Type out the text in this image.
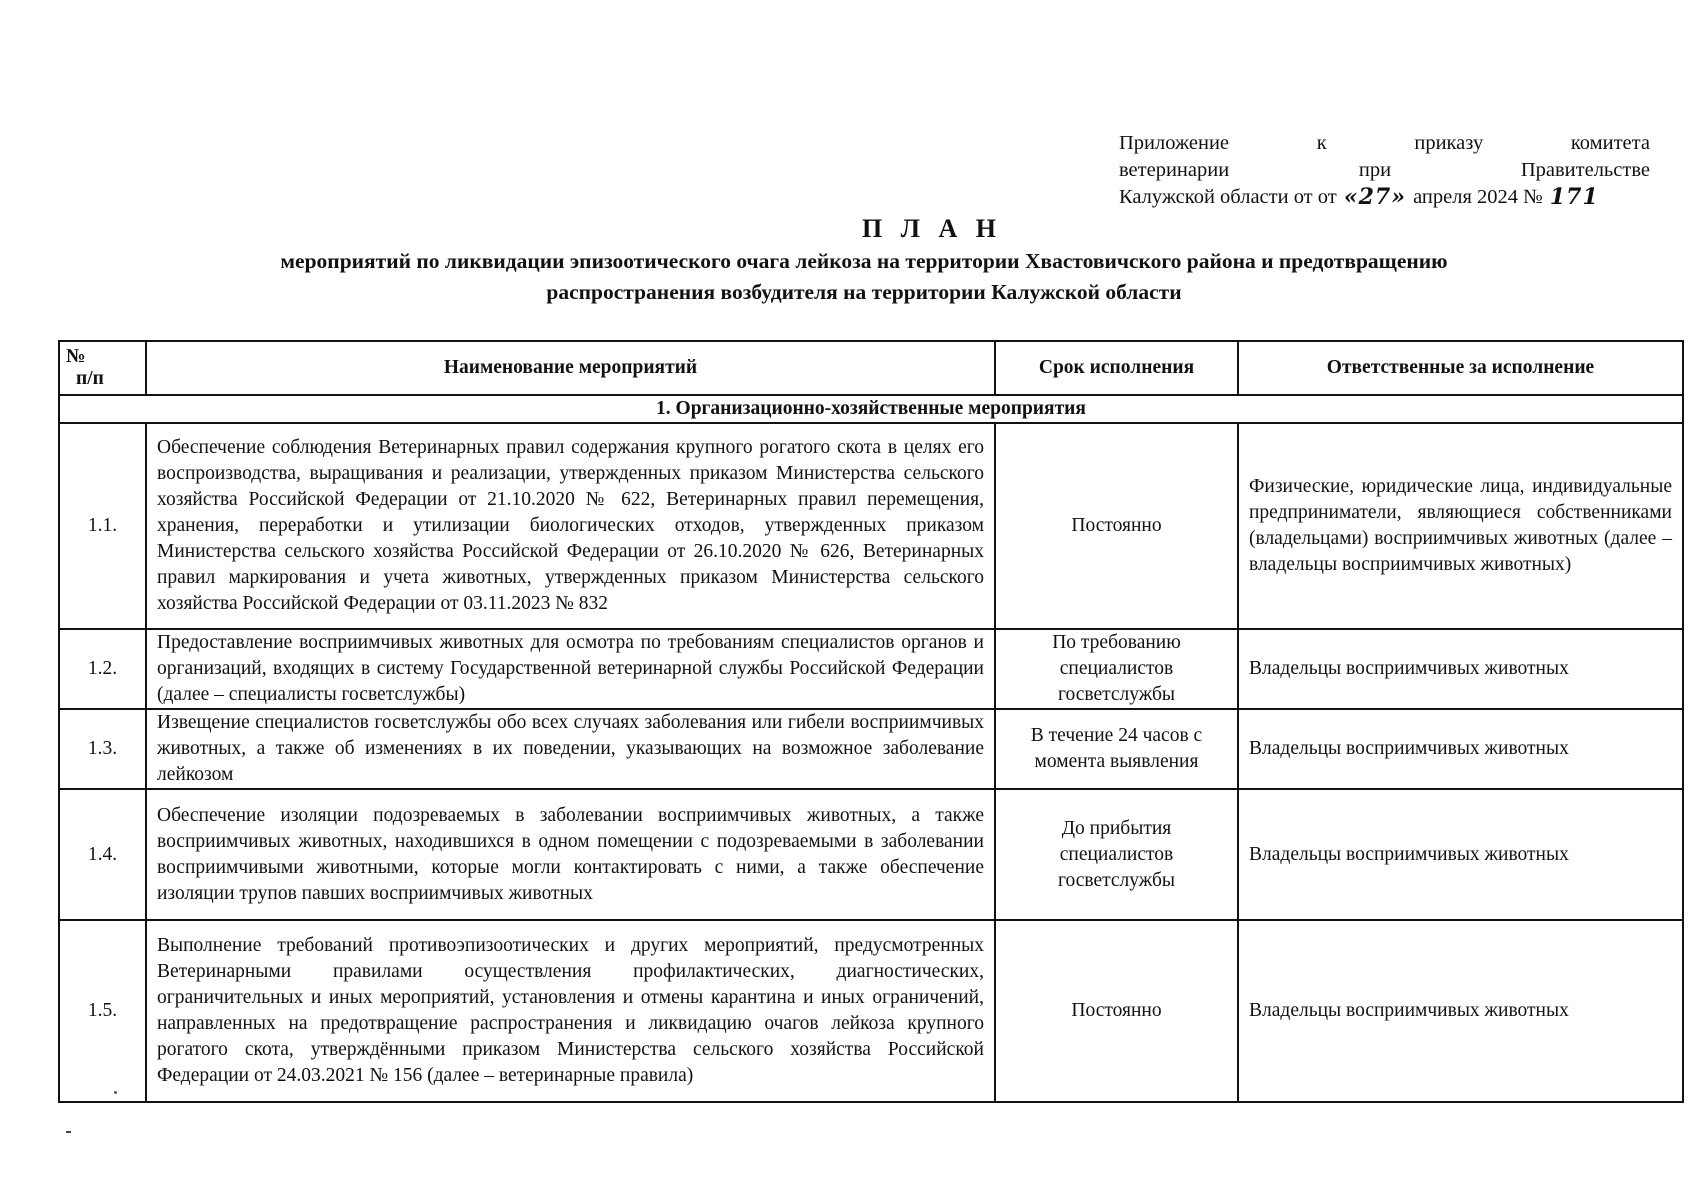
Приложение	к	приказу	комитета
ветеринарии	при	Правительстве
Калужской области от от
«27»
апреля 2024 №
171
П Л А Н
мероприятий по ликвидации эпизоотического очага лейкоза на территории Хвастовичского района и предотвращению
распространения возбудителя на территории Калужской области
№
п/п	Наименование мероприятий	Срок исполнения	Ответственные за исполнение
1. Организационно-хозяйственные мероприятия			
1.1.	Обеспечение соблюдения Ветеринарных правил содержания крупного рогатого скота в целях его воспроизводства, выращивания и реализации, утвержденных приказом Министерства сельского хозяйства Российской Федерации от 21.10.2020 № 622, Ветеринарных правил перемещения, хранения, переработки и утилизации биологических отходов, утвержденных приказом Министерства сельского хозяйства Российской Федерации от 26.10.2020 № 626, Ветеринарных правил маркирования и учета животных, утвержденных приказом Министерства сельского хозяйства Российской Федерации от 03.11.2023 № 832	Постоянно	Физические, юридические лица, индивидуальные предприниматели, являющиеся собственниками (владельцами) восприимчивых животных (далее – владельцы восприимчивых животных)
1.2.	Предоставление восприимчивых животных для осмотра по требованиям специалистов органов и организаций, входящих в систему Государственной ветеринарной службы Российской Федерации (далее – специалисты госветслужбы)	По требованию специалистов госветслужбы	Владельцы восприимчивых животных
1.3.	Извещение специалистов госветслужбы обо всех случаях заболевания или гибели восприимчивых животных, а также об изменениях в их поведении, указывающих на возможное заболевание лейкозом	В течение 24 часов с момента выявления	Владельцы восприимчивых животных
1.4.	Обеспечение изоляции подозреваемых в заболевании восприимчивых животных, а также восприимчивых животных, находившихся в одном помещении с подозреваемыми в заболевании восприимчивыми животными, которые могли контактировать с ними, а также обеспечение изоляции трупов павших восприимчивых животных	До прибытия специалистов госветслужбы	Владельцы восприимчивых животных
1.5.	Выполнение требований противоэпизоотических и других мероприятий, предусмотренных Ветеринарными правилами осуществления профилактических, диагностических, ограничительных и иных мероприятий, установления и отмены карантина и иных ограничений, направленных на предотвращение распространения и ликвидацию очагов лейкоза крупного рогатого скота, утверждёнными приказом Министерства сельского хозяйства Российской Федерации от 24.03.2021 № 156 (далее – ветеринарные правила)	Постоянно	Владельцы восприимчивых животных
